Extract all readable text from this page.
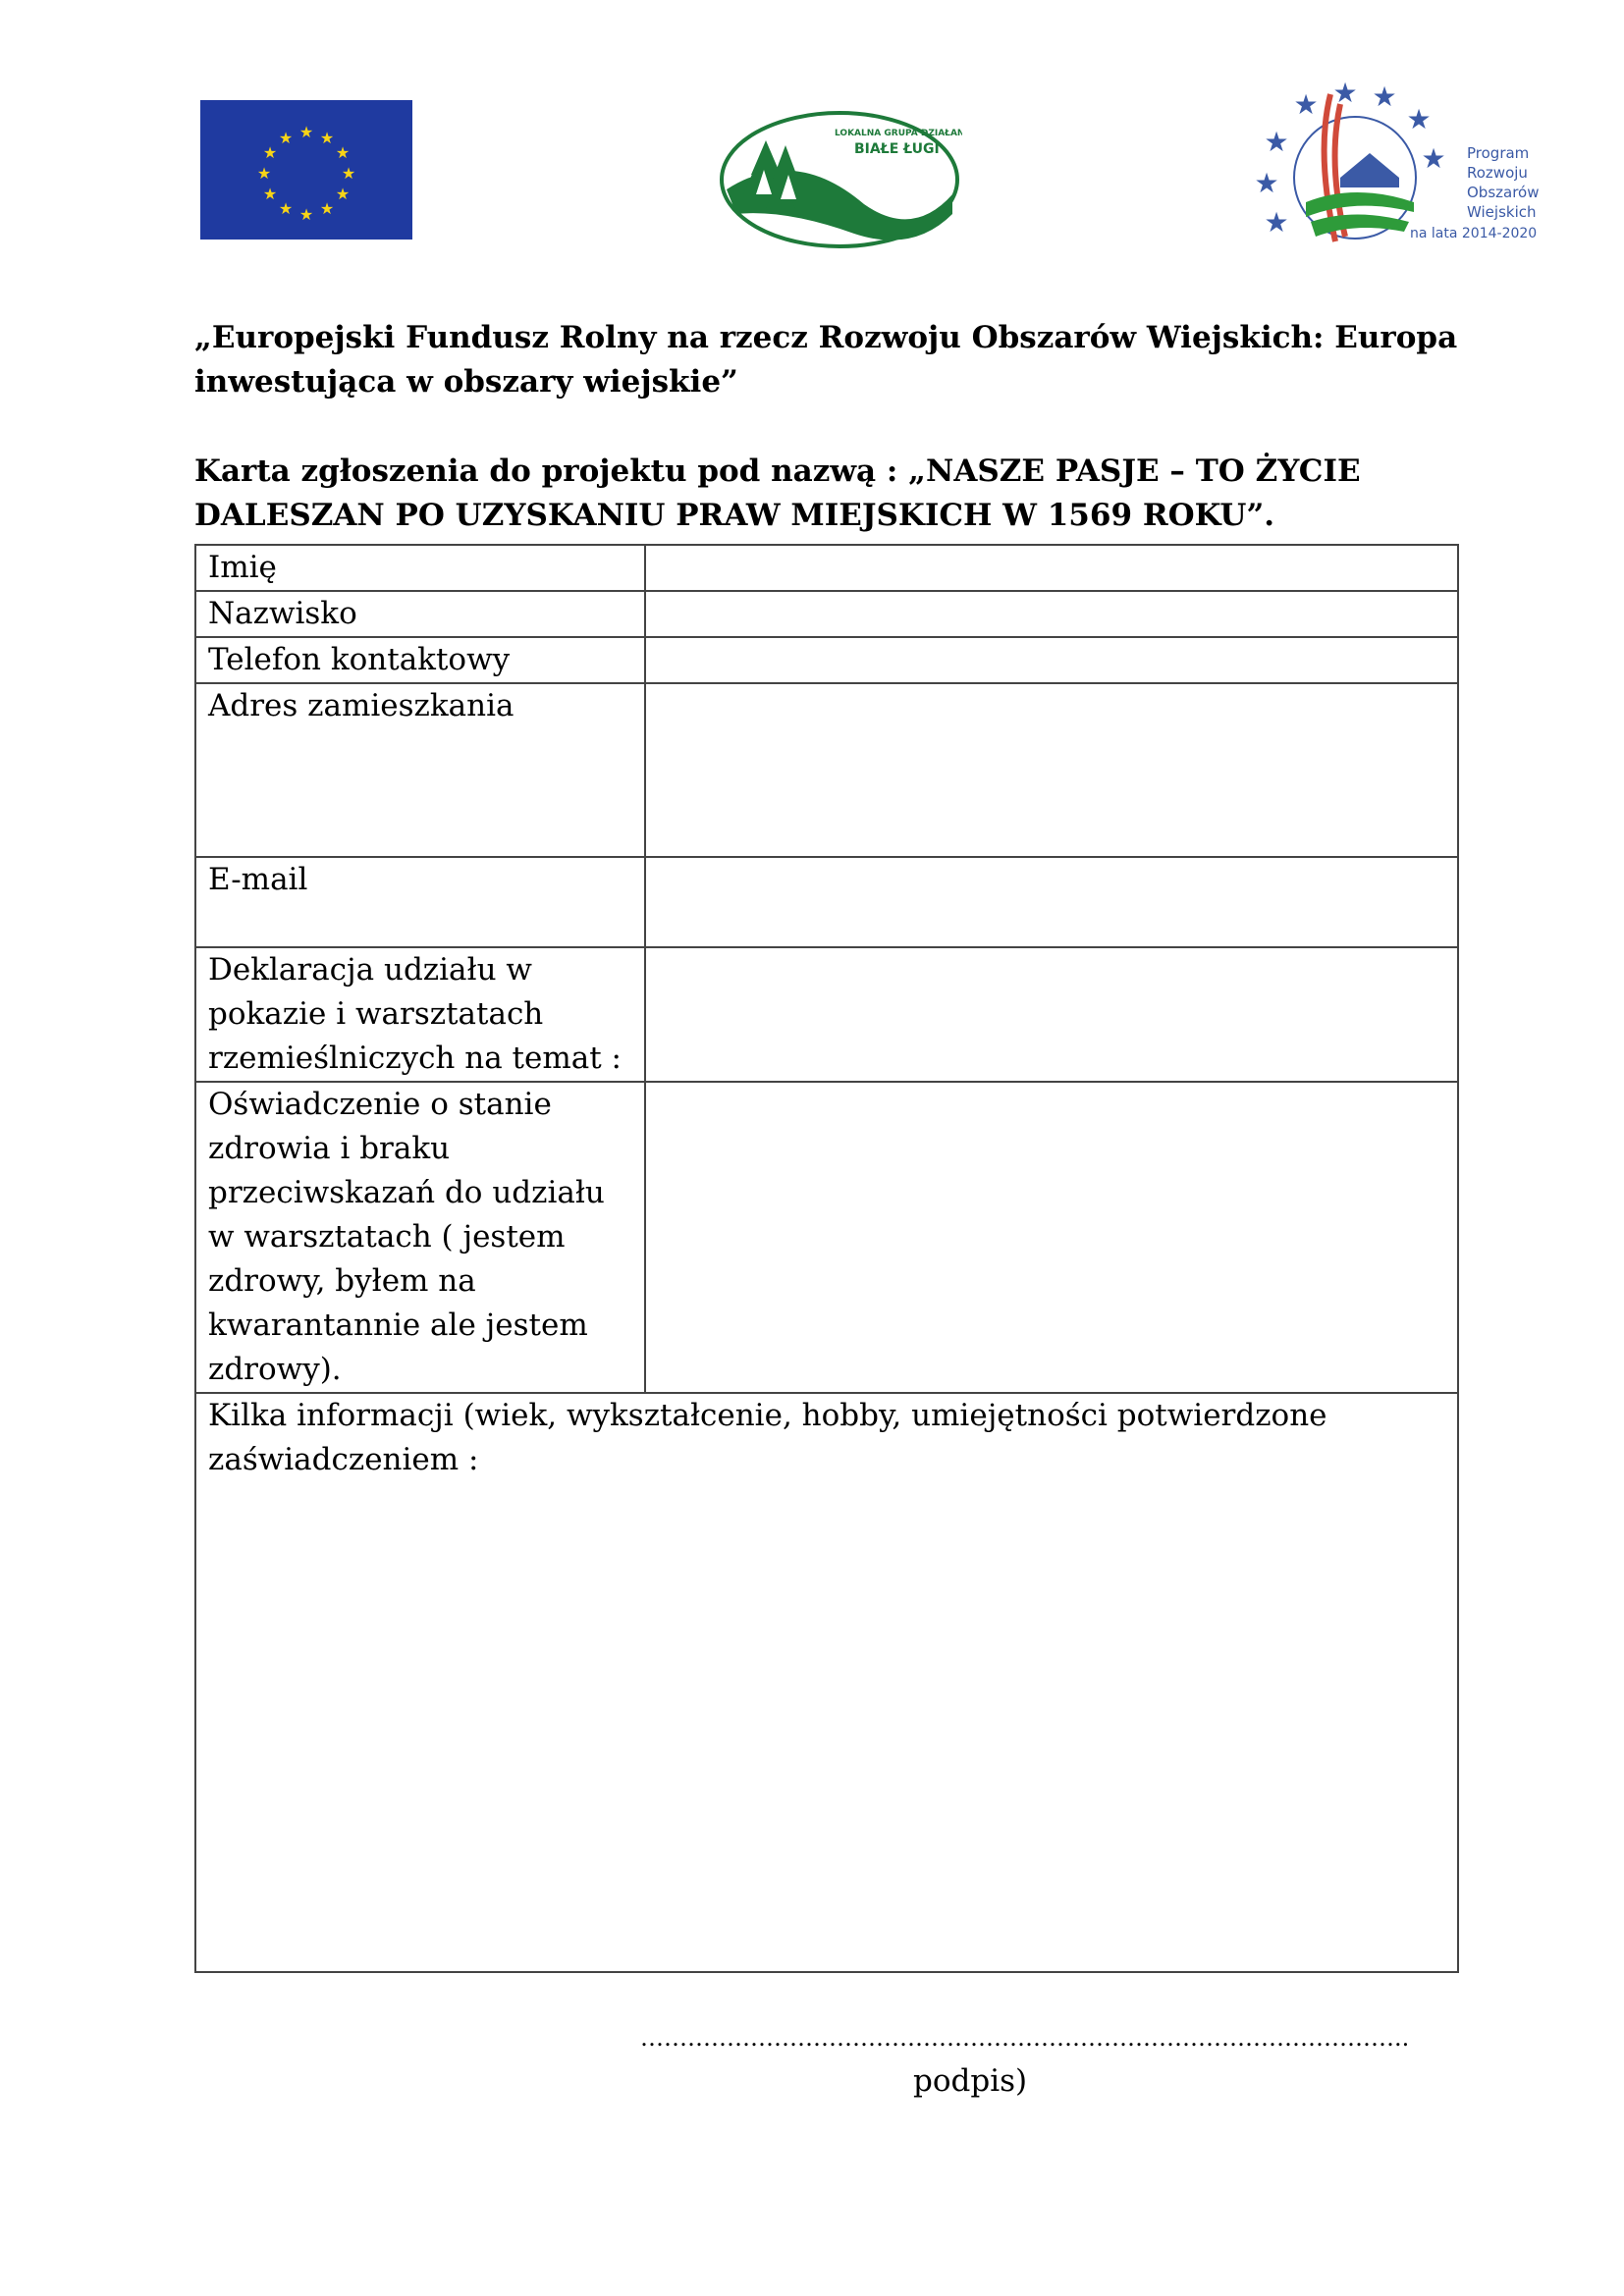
★ ★
★
★
★
★
★
★
★
★
★
★	LOKALNA GRUPA DZIAŁANIA
BIAŁE ŁUGI
★ ★ ★
★
★
★
★
★
Program
Rozwoju
Obszarów
Wiejskich
na lata 2014-2020
„Europejski Fundusz Rolny na rzecz Rozwoju Obszarów Wiejskich: Europa inwestująca w obszary wiejskie”
Karta zgłoszenia do projektu pod nazwą : „NASZE PASJE – TO ŻYCIE DALESZAN PO UZYSKANIU PRAW MIEJSKICH W 1569 ROKU”.
Imię	
Nazwisko	
Telefon kontaktowy	
Adres zamieszkania	
E-mail	
Deklaracja udziału w pokazie i warsztatach rzemieślniczych na temat :	
Oświadczenie o stanie zdrowia i braku przeciwskazań do udziału w warsztatach ( jestem zdrowy, byłem na kwarantannie ale jestem zdrowy).	
Kilka informacji (wiek, wykształcenie, hobby, umiejętności potwierdzone zaświadczeniem :	
……………………………………………………………………………………..
podpis)
